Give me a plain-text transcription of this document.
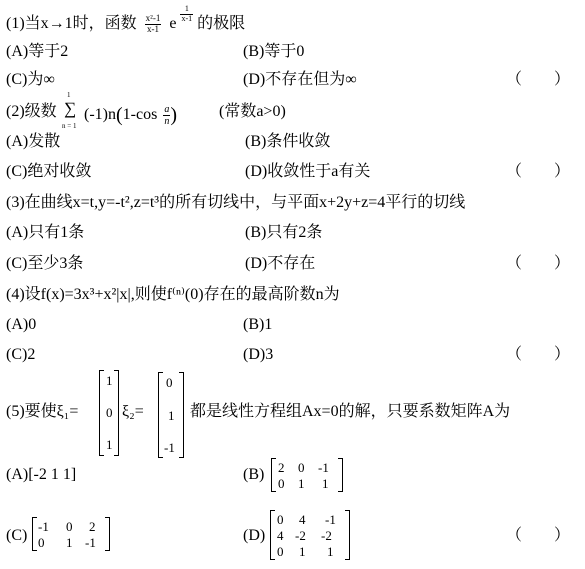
(1)当x→1时，函数 $\frac{\text{x²-1}}{x-1}$ e $\frac{1}{x-1}$ 的极限
(A)等于2	(B)等于0
(C)为∞	(D)不存在但为∞	（　　）
(2)级数
1
∑
n = 1
$(-1)n(1-\cos \frac{a}{n}$ )	(常数a>0)
(A)发散	(B)条件收敛
(C)绝对收敛	(D)收敛性于a有关	（　　）
(3)在曲线x=t,y=-t²,z=t³的所有切线中，与平面x+2y+z=4平行的切线
(A)只有1条	(B)只有2条
(C)至少3条	(D)不存在	（　　）
(4)设f(x)=3x³+x²|x|,则使f⁽ⁿ⁾(0)存在的最高阶数n为
(A)0	(B)1
(C)2	(D)3	（　　）
(5)要使ξ₁=
1
0
1
ξ₂=
0
1
-1
都是线性方程组Ax=0的解，只要系数矩阵A为
(A)[-2 1 1]	(B) 2 0 -1
0 1 1
(C)
-1 0 2
0 1 -1	(D)
0 4 -1
4 -2 -2
0 1 1
（　　）
